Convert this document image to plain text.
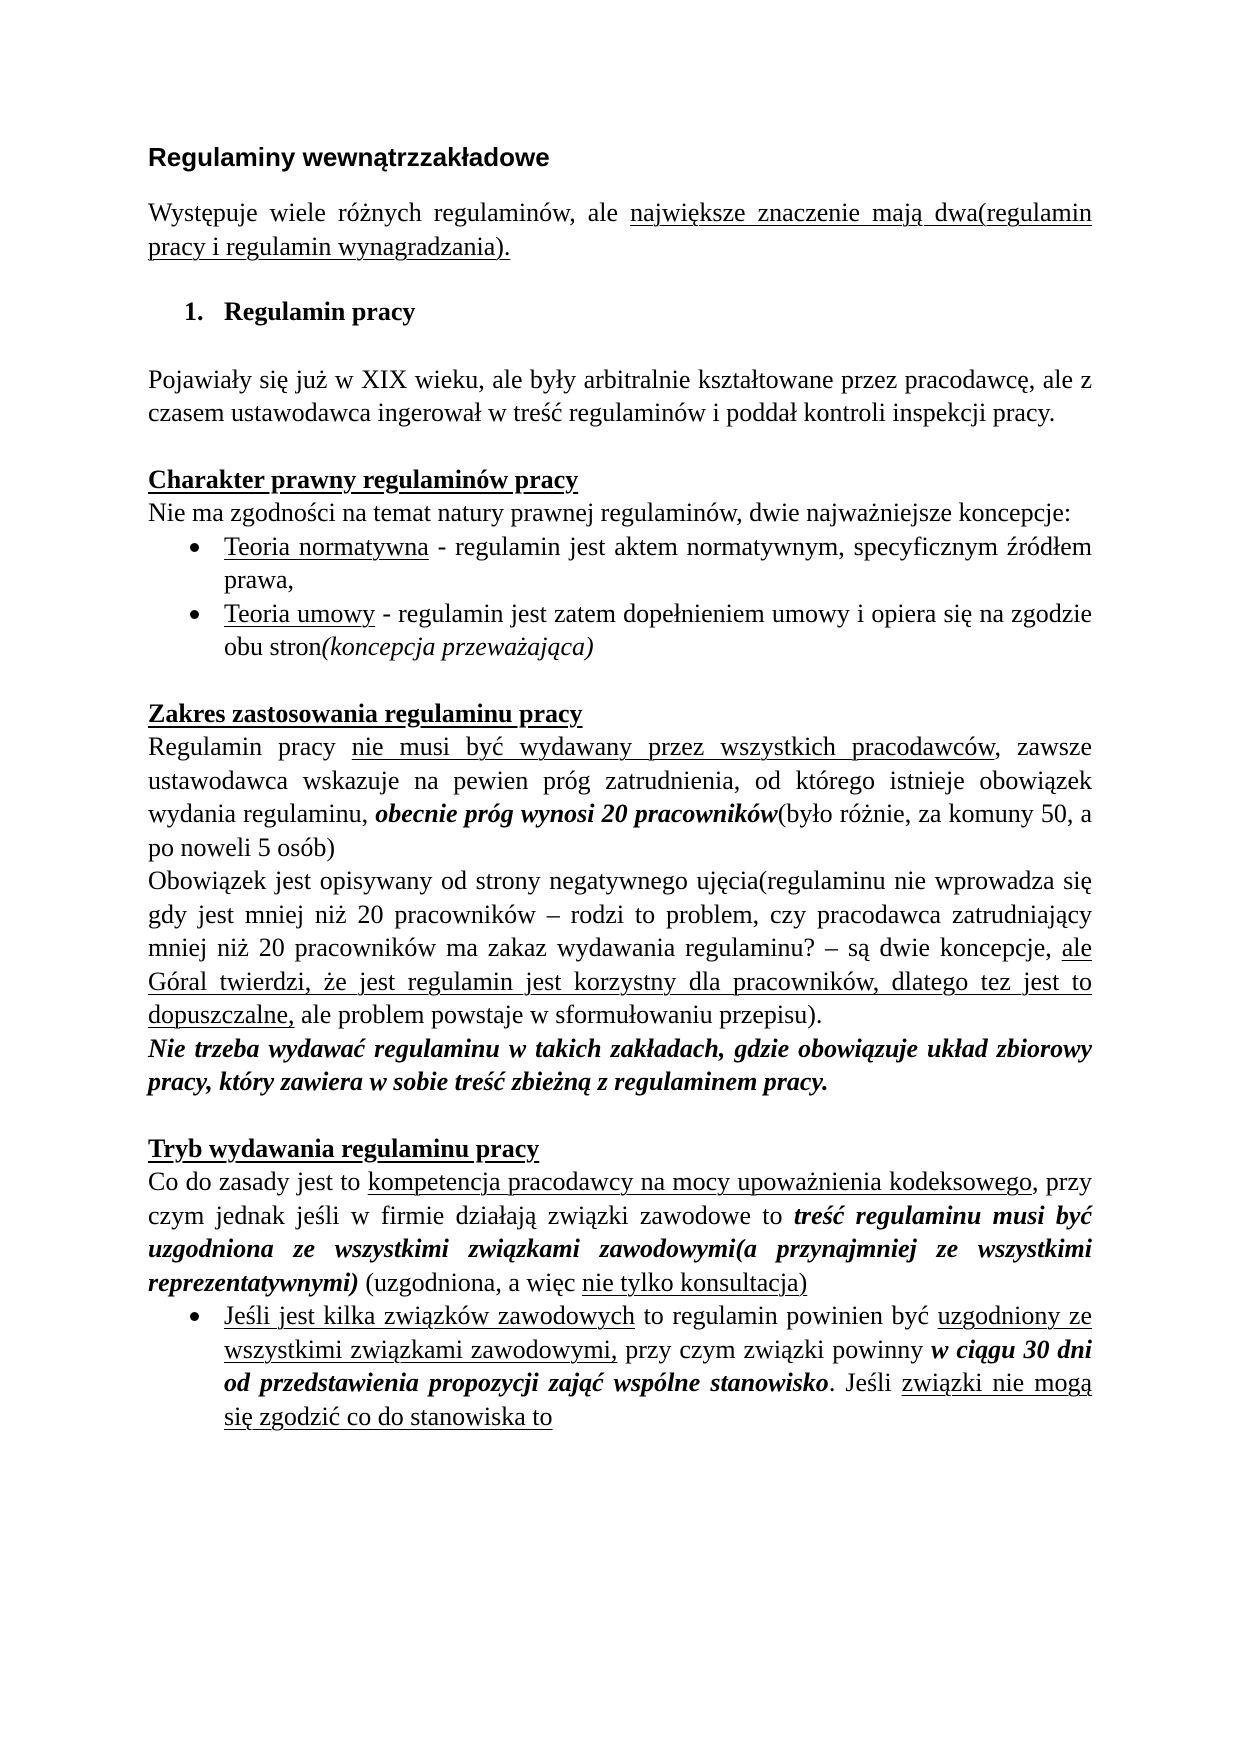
Regulaminy wewnątrzzakładowe

Występuje wiele różnych regulaminów, ale największe znaczenie mają dwa(regulamin pracy i regulamin wynagradzania).

1. Regulamin pracy

Pojawiały się już w XIX wieku, ale były arbitralnie kształtowane przez pracodawcę, ale z czasem ustawodawca ingerował w treść regulaminów i poddał kontroli inspekcji pracy.

Charakter prawny regulaminów pracy

Nie ma zgodności na temat natury prawnej regulaminów, dwie najważniejsze koncepcje:

Teoria normatywna - regulamin jest aktem normatywnym, specyficznym źródłem prawa,
Teoria umowy - regulamin jest zatem dopełnieniem umowy i opiera się na zgodzie obu stron(koncepcja przeważająca)
Zakres zastosowania regulaminu pracy

Regulamin pracy nie musi być wydawany przez wszystkich pracodawców, zawsze ustawodawca wskazuje na pewien próg zatrudnienia, od którego istnieje obowiązek wydania regulaminu, obecnie próg wynosi 20 pracowników(było różnie, za komuny 50, a po noweli 5 osób)

Obowiązek jest opisywany od strony negatywnego ujęcia(regulaminu nie wprowadza się gdy jest mniej niż 20 pracowników – rodzi to problem, czy pracodawca zatrudniający mniej niż 20 pracowników ma zakaz wydawania regulaminu? – są dwie koncepcje, ale Góral twierdzi, że jest regulamin jest korzystny dla pracowników, dlatego tez jest to dopuszczalne, ale problem powstaje w sformułowaniu przepisu).

Nie trzeba wydawać regulaminu w takich zakładach, gdzie obowiązuje układ zbiorowy pracy, który zawiera w sobie treść zbieżną z regulaminem pracy.

Tryb wydawania regulaminu pracy

Co do zasady jest to kompetencja pracodawcy na mocy upoważnienia kodeksowego, przy czym jednak jeśli w firmie działają związki zawodowe to treść regulaminu musi być uzgodniona ze wszystkimi związkami zawodowymi(a przynajmniej ze wszystkimi reprezentatywnymi) (uzgodniona, a więc nie tylko konsultacja)

Jeśli jest kilka związków zawodowych to regulamin powinien być uzgodniony ze wszystkimi związkami zawodowymi, przy czym związki powinny w ciągu 30 dni od przedstawienia propozycji zająć wspólne stanowisko. Jeśli związki nie mogą się zgodzić co do stanowiska to
